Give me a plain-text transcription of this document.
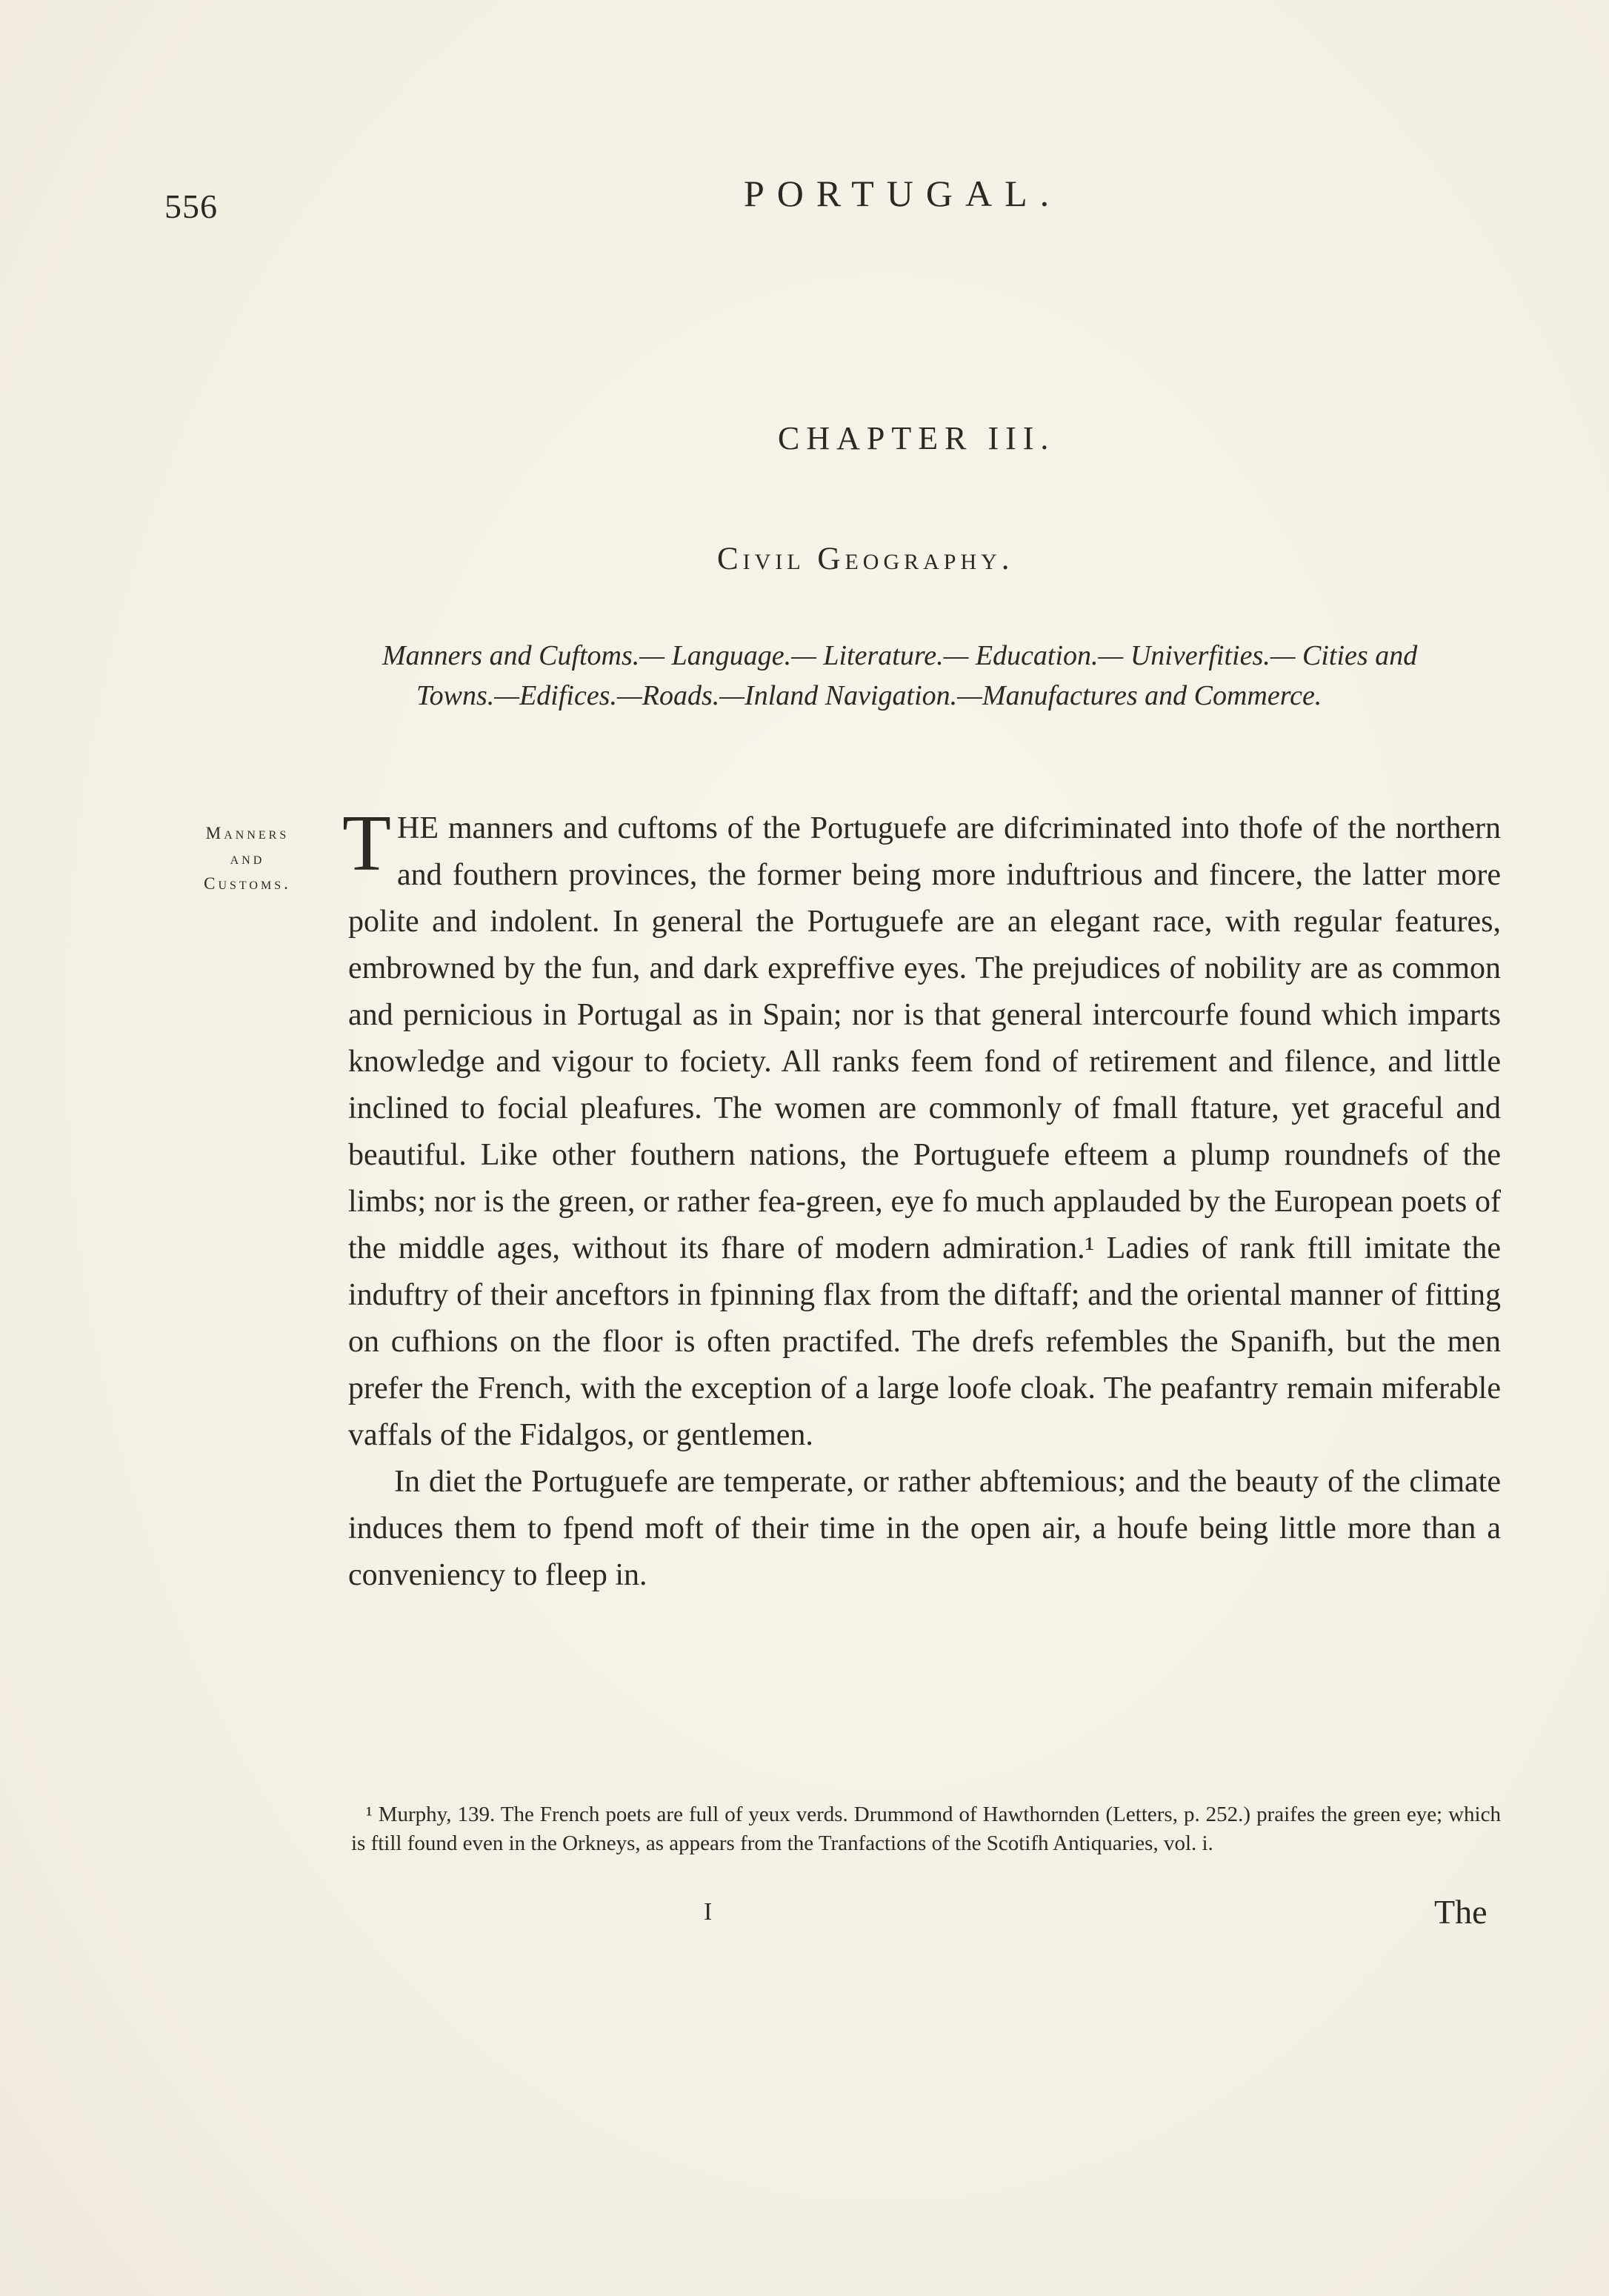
556	PORTUGAL.
CHAPTER III.
Civil Geography.
Manners and Cuftoms.— Language.— Literature.— Education.— Univerfities.— Cities and Towns.—Edifices.—Roads.—Inland Navigation.—Manufactures and Commerce.
Manners
and
Customs. THE manners and cuftoms of the Portuguefe are difcriminated into thofe of the northern and fouthern provinces, the former being more induftrious and fincere, the latter more polite and indolent. In general the Portuguefe are an elegant race, with regular features, embrowned by the fun, and dark expreffive eyes. The prejudices of nobility are as common and pernicious in Portugal as in Spain; nor is that general intercourfe found which imparts knowledge and vigour to fociety. All ranks feem fond of retirement and filence, and little inclined to focial pleafures. The women are commonly of fmall ftature, yet graceful and beautiful. Like other fouthern nations, the Portuguefe efteem a plump roundnefs of the limbs; nor is the green, or rather fea-green, eye fo much applauded by the European poets of the middle ages, without its fhare of modern admiration.¹ Ladies of rank ftill imitate the induftry of their anceftors in fpinning flax from the diftaff; and the oriental manner of fitting on cufhions on the floor is often practifed. The drefs refembles the Spanifh, but the men prefer the French, with the exception of a large loofe cloak. The peafantry remain miferable vaffals of the Fidalgos, or gentlemen.

In diet the Portuguefe are temperate, or rather abftemious; and the beauty of the climate induces them to fpend moft of their time in the open air, a houfe being little more than a conveniency to fleep in.

¹ Murphy, 139. The French poets are full of yeux verds. Drummond of Hawthornden (Letters, p. 252.) praifes the green eye; which is ftill found even in the Orkneys, as appears from the Tranfactions of the Scotifh Antiquaries, vol. i.

I	The
